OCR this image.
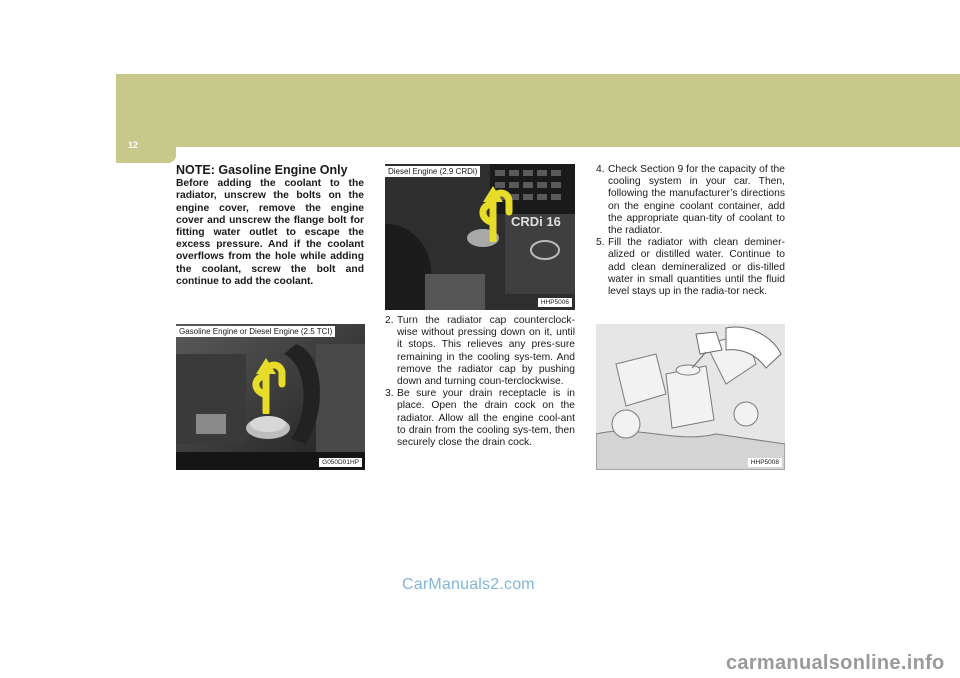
6 DO-IT-YOURSELF MAINTENANCE
12

NOTE: Gasoline Engine Only

Before adding the coolant to the radiator, unscrew the bolts on the engine cover, remove the engine cover and unscrew the flange bolt for fitting water outlet to escape the excess pressure. And if the coolant overflows from the hole while adding the coolant, screw the bolt and continue to add the coolant.

Gasoline Engine or Diesel Engine (2.5 TCI)
G050D01HP
CRDi 16
Diesel Engine (2.9 CRDi)
HHP5006
2. Turn the radiator cap counterclock-wise without pressing down on it, until it stops. This relieves any pres-sure remaining in the cooling sys-tem. And remove the radiator cap by pushing down and turning coun-terclockwise.
3. Be sure your drain receptacle is in place. Open the drain cock on the radiator. Allow all the engine cool-ant to drain from the cooling sys-tem, then securely close the drain cock.
4. Check Section 9 for the capacity of the cooling system in your car. Then, following the manufacturer’s directions on the engine coolant container, add the appropriate quan-tity of coolant to the radiator.
5. Fill the radiator with clean deminer-alized or distilled water. Continue to add clean demineralized or dis-tilled water in small quantities until the fluid level stays up in the radia-tor neck.
HHP5008
CarManuals2.com
carmanualsonline.info
